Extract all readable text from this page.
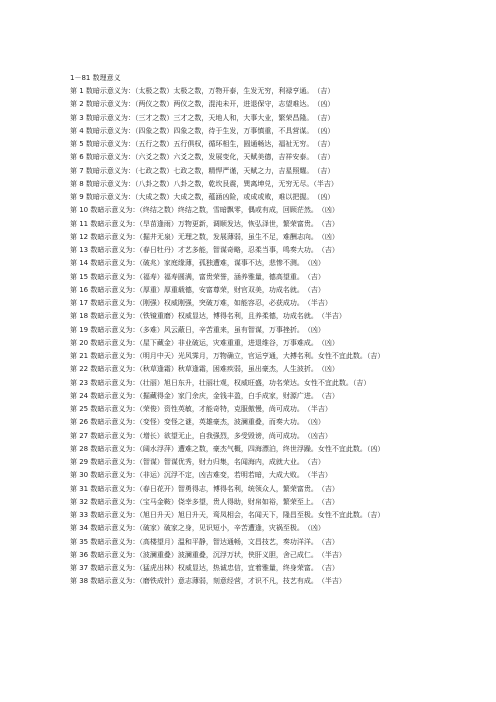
1－81 数理意义
第 1 数暗示意义为：（太极之数）太极之数，万物开泰，生发无穷，利禄亨通。　（吉）
第 2 数暗示意义为：（两仪之数）两仪之数，混沌未开，进退保守，志望难达。　（凶）
第 3 数暗示意义为：（三才之数）三才之数，天地人和，大事大业，繁荣昌隆。　（吉）
第 4 数暗示意义为：（四象之数）四象之数，待于生发，万事慎重，不具营谋。　（凶）
第 5 数暗示意义为：（五行之数）五行俱权，循环相生，圆通畅达，福祉无穷。　（吉）
第 6 数暗示意义为：（六爻之数）六爻之数，发展变化，天赋美德，吉祥安泰。　（吉）
第 7 数暗示意义为：（七政之数）七政之数，精悍严谨，天赋之力，吉星照耀。　（吉）
第 8 数暗示意义为：（八卦之数）八卦之数，乾坎艮震，巽离坤兑，无穷无尽。（半吉）
第 9 数暗示意义为：（大成之数）大成之数，蕴涵凶险，或成或败，难以把握。　（凶）
第 10 数暗示意义为：（终结之数）终结之数，雪暗飘零，偶或有成，回顾茫然。　（凶）
第 11 数暗示意义为：（旱苗逢雨）万物更新，调顺发达，恢弘泽世，繁荣富贵。　（吉）
第 12 数暗示意义为：（掘井无泉）无理之数，发展薄弱，虽生不足，难酬志向。　（凶）
第 13 数暗示意义为：（春日牡丹）才艺多能，智谋奇略，忍柔当事，鸣奏大功。　（吉）
第 14 数暗示意义为：（破兆）家庭缘薄，孤独遭难，谋事不达，悲惨不测。　（凶）
第 15 数暗示意义为：（福寿）福寿圆满，富贵荣誉，涵养雅量，德高望重。　（吉）
第 16 数暗示意义为：（厚重）厚重载德，安富尊荣，财官双美，功成名就。　（吉）
第 17 数暗示意义为：（刚强）权威刚强，突破万难，如能容忍，必获成功。　（半吉）
第 18 数暗示意义为：（铁镜重磨）权威显达，博得名利，且养柔德，功成名就。　（半吉）
第 19 数暗示意义为：（多难）风云蔽日，辛苦重来，虽有智谋，万事挫折。　（凶）
第 20 数暗示意义为：（屋下藏金）非业破运，灾难重重，进退维谷，万事难成。　（凶）
第 21 数暗示意义为：（明月中天）光风霁月，万物确立，官运亨通，大搏名利。女性不宜此数。（吉）
第 22 数暗示意义为：（秋草逢霜）秋草逢霜，困难疾弱，虽出豪杰，人生波折。　（凶）
第 23 数暗示意义为：（壮丽）旭日东升，壮丽壮观，权威旺盛，功名荣达。女性不宜此数。（吉）
第 24 数暗示意义为：（掘藏得金）家门余庆，金钱丰盈，白手成家，财源广进。　（吉）
第 25 数暗示意义为：（荣俊）资性英敏，才能奇特，克服傲慢，尚可成功。　（半吉）
第 26 数暗示意义为：（变怪）变怪之谜，英雄豪杰，波澜重叠，而奏大功。　（凶）
第 27 数暗示意义为：（增长）欲望无止，自我强烈，多受毁谤，尚可成功。　（凶吉）
第 28 数暗示意义为：（阔水浮萍）遭难之数，豪杰气概，四海漂泊，终世浮躁。女性不宜此数。（凶）
第 29 数暗示意义为：（智谋）智谋优秀，财力归集，名闻海内，成就大业。　（吉）
第 30 数暗示意义为：（非运）沉浮不定，凶吉难变，若明若暗，大成大败。　（半吉）
第 31 数暗示意义为：（春日花开）智勇得志，博得名利，统领众人，繁荣富贵。　（吉）
第 32 数暗示意义为：（宝马金鞍）侥幸多望，贵人得助，财帛如裕，繁荣至上。　（吉）
第 33 数暗示意义为：（旭日升天）旭日升天，鸾凤相会，名闻天下，隆昌至极。女性不宜此数。（吉）
第 34 数暗示意义为：（破家）破家之身，见识短小，辛苦遭逢，灾祸至极。　（凶）
第 35 数暗示意义为：（高楼望月）温和平静，智达通畅，文昌技艺，奏功洋洋。　（吉）
第 36 数暗示意义为：（波澜重叠）波澜重叠，沉浮万状，侠肝义胆，舍己成仁。　（半吉）
第 37 数暗示意义为：（猛虎出林）权威显达，热诚忠信，宜着雅量，终身荣富。　（吉）
第 38 数暗示意义为：（磨铁成针）意志薄弱，刻意经营，才识不凡，技艺有成。　（半吉）
